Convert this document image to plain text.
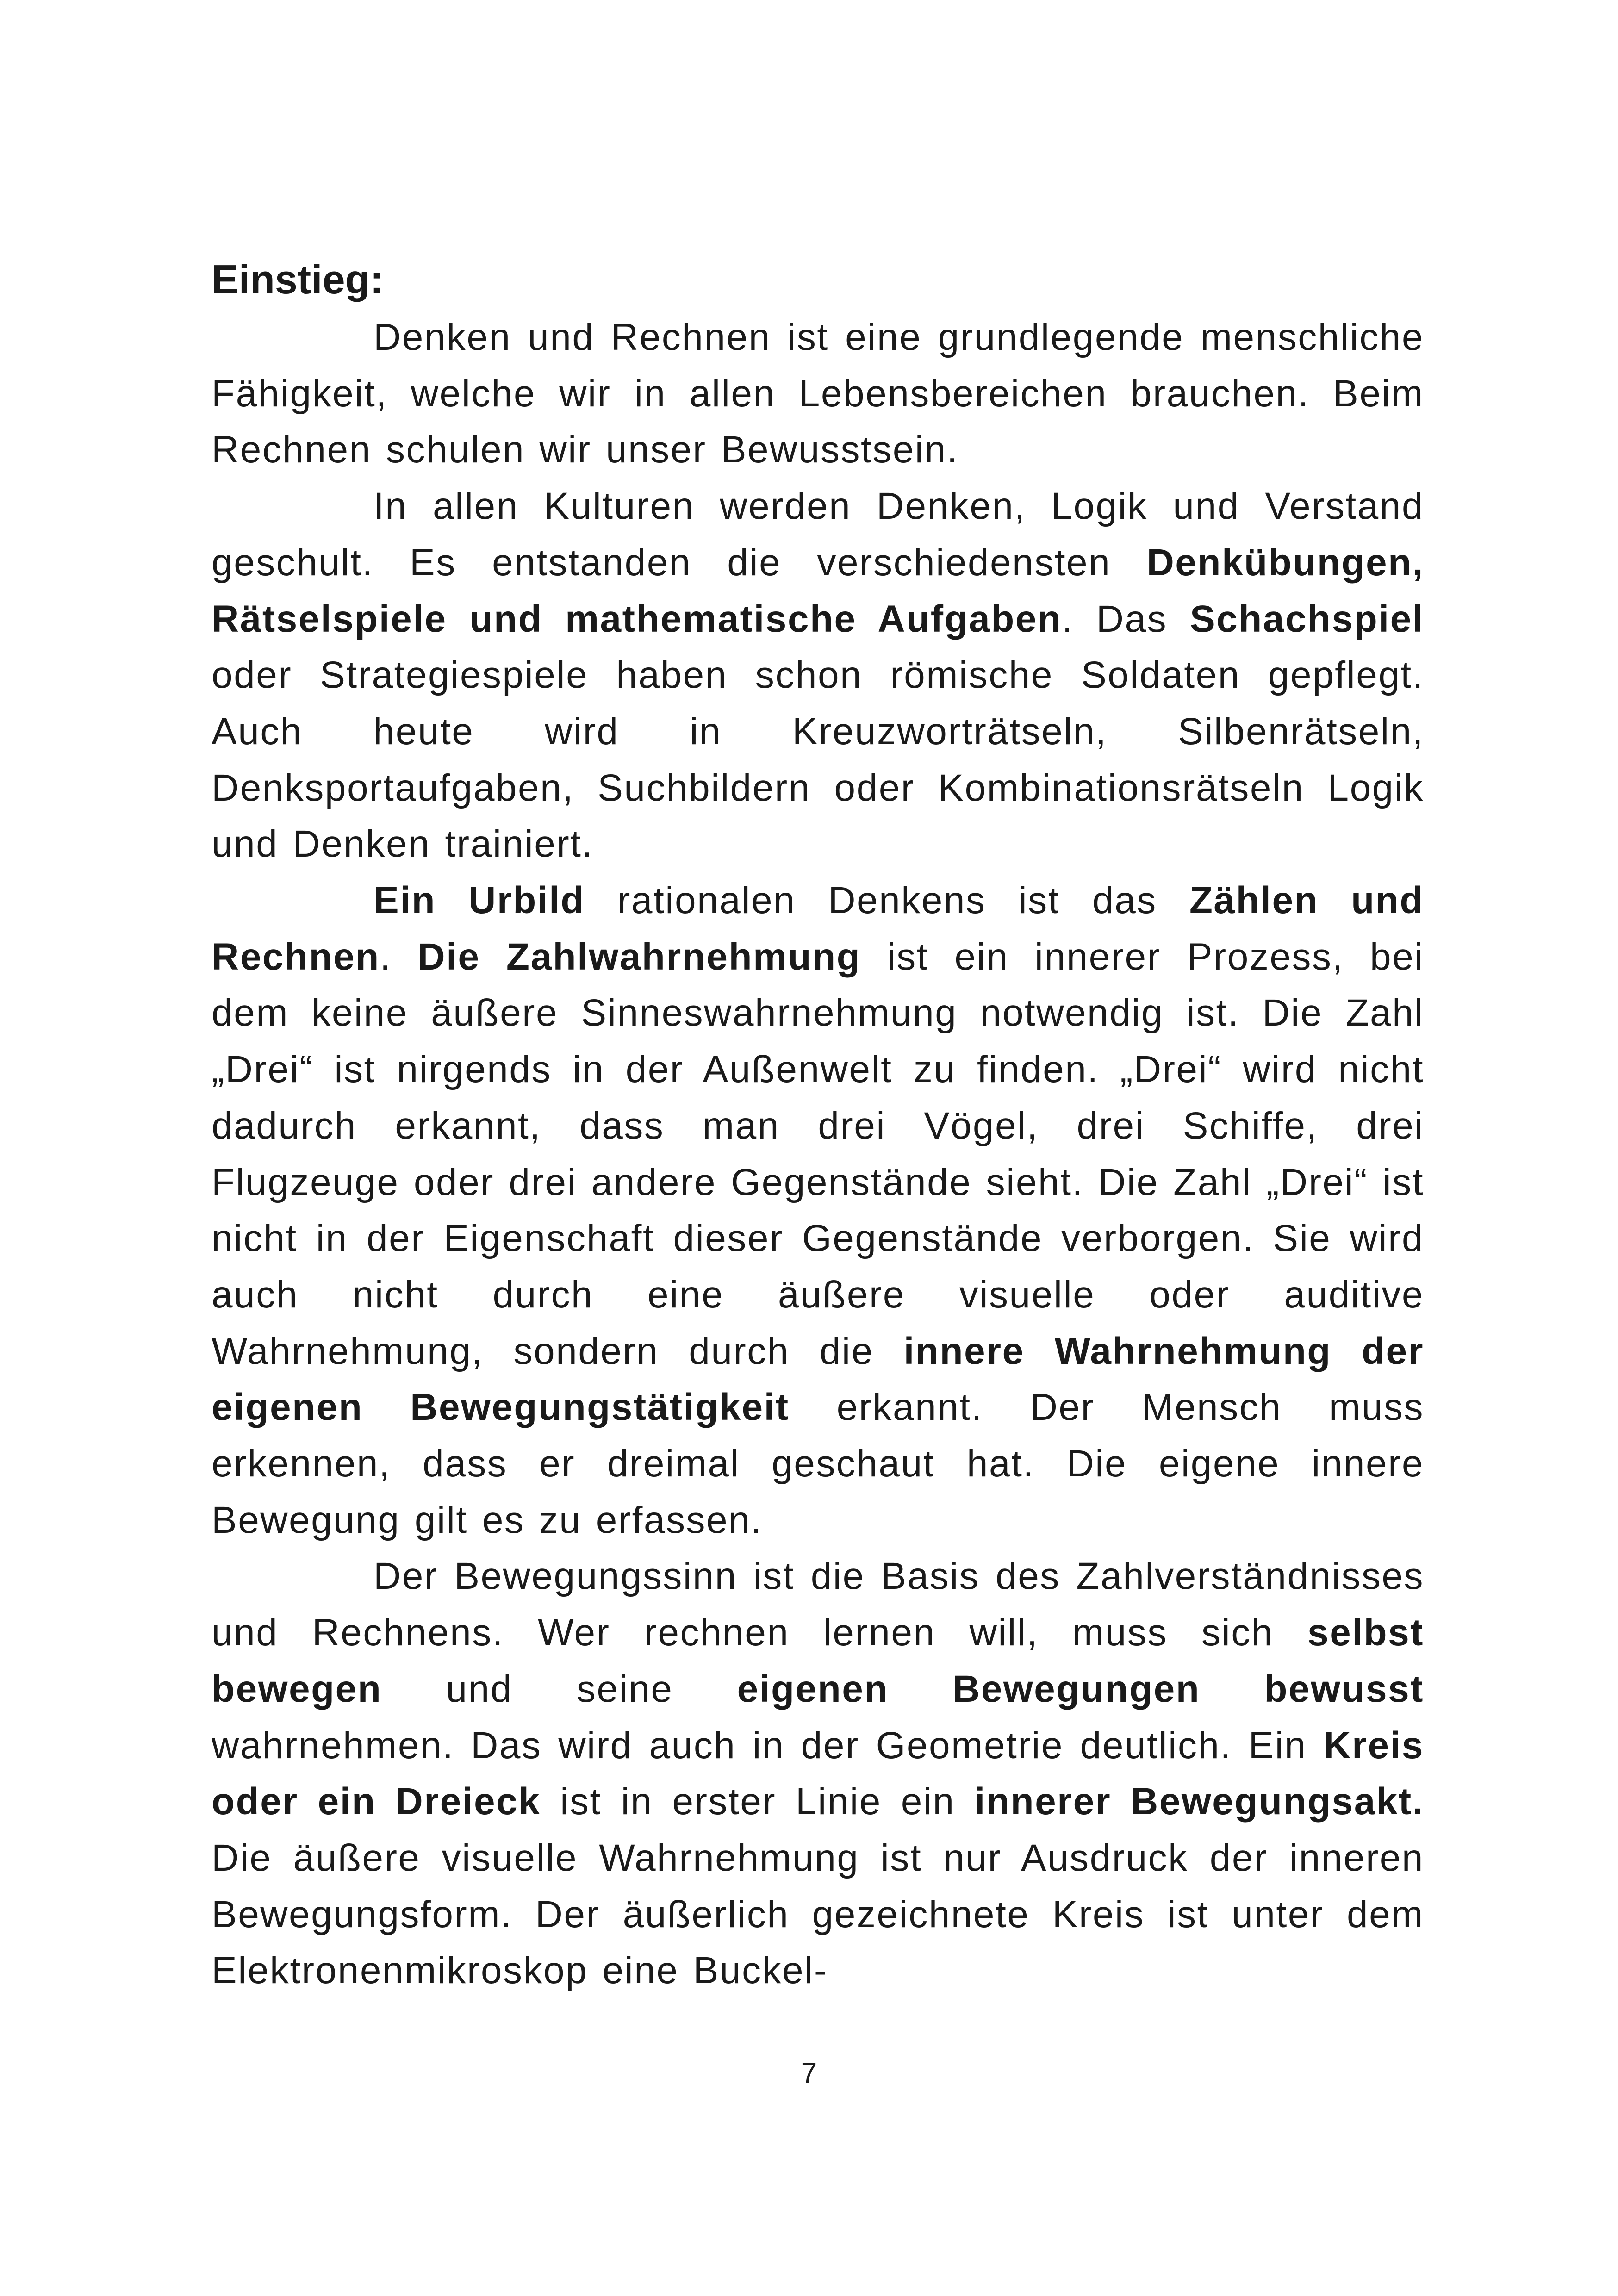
Einstieg:

Denken und Rechnen ist eine grundlegende menschliche Fähigkeit, welche wir in allen Lebensbereichen brauchen. Beim Rechnen schulen wir unser Bewusstsein.

In allen Kulturen werden Denken, Logik und Verstand geschult. Es entstanden die verschiedensten Denkübungen, Rätselspiele und mathematische Aufgaben. Das Schachspiel oder Strategiespiele haben schon römische Soldaten gepflegt. Auch heute wird in Kreuzworträtseln, Silbenrätseln, Denksportaufgaben, Suchbildern oder Kombinationsrätseln Logik und Denken trainiert.

Ein Urbild rationalen Denkens ist das Zählen und Rechnen. Die Zahlwahrnehmung ist ein innerer Prozess, bei dem keine äußere Sinneswahrnehmung notwendig ist. Die Zahl „Drei“ ist nirgends in der Außenwelt zu finden. „Drei“ wird nicht dadurch erkannt, dass man drei Vögel, drei Schiffe, drei Flugzeuge oder drei andere Gegenstände sieht. Die Zahl „Drei“ ist nicht in der Eigenschaft dieser Gegenstände verborgen. Sie wird auch nicht durch eine äußere visuelle oder auditive Wahrnehmung, sondern durch die innere Wahrnehmung der eigenen Bewegungstätigkeit erkannt. Der Mensch muss erkennen, dass er dreimal geschaut hat. Die eigene innere Bewegung gilt es zu erfassen.

Der Bewegungssinn ist die Basis des Zahlverständnisses und Rechnens. Wer rechnen lernen will, muss sich selbst bewegen und seine eigenen Bewegungen bewusst wahrnehmen. Das wird auch in der Geometrie deutlich. Ein Kreis oder ein Dreieck ist in erster Linie ein innerer Bewegungsakt. Die äußere visuelle Wahrnehmung ist nur Ausdruck der inneren Bewegungsform. Der äußerlich gezeichnete Kreis ist unter dem Elektronenmikroskop eine Buckel-

7
